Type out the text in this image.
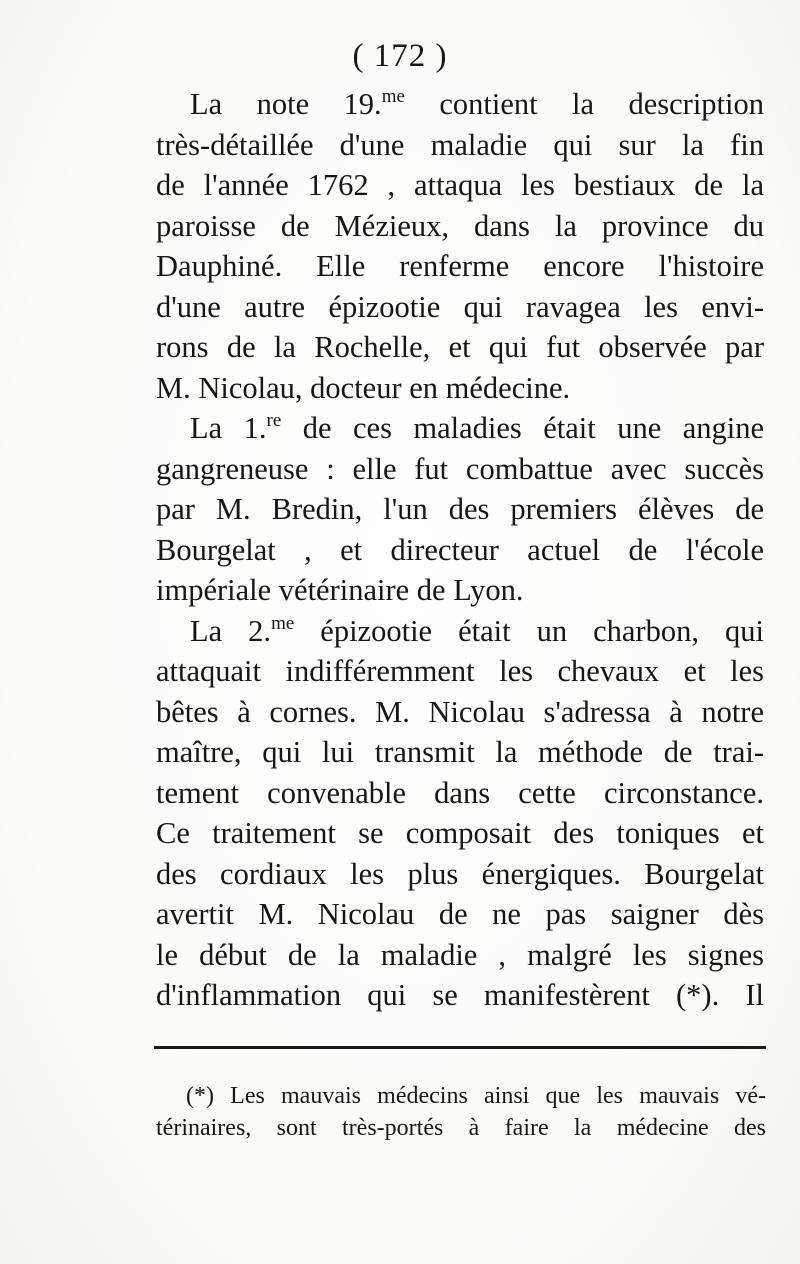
( 172 )
La note 19.$^{me}$ contient la description
très-détaillée d'une maladie qui sur la fin
de l'année 1762 , attaqua les bestiaux de la
paroisse de Mézieux, dans la province du
Dauphiné. Elle renferme encore l'histoire
d'une autre épizootie qui ravagea les envi-
rons de la Rochelle, et qui fut observée par
M. Nicolau, docteur en médecine.
La 1.$^{re}$ de ces maladies était une angine
gangreneuse : elle fut combattue avec succès
par M. Bredin, l'un des premiers élèves de
Bourgelat , et directeur actuel de l'école
impériale vétérinaire de Lyon.
La 2.$^{me}$ épizootie était un charbon, qui
attaquait indifféremment les chevaux et les
bêtes à cornes. M. Nicolau s'adressa à notre
maître, qui lui transmit la méthode de trai-
tement convenable dans cette circonstance.
Ce traitement se composait des toniques et
des cordiaux les plus énergiques. Bourgelat
avertit M. Nicolau de ne pas saigner dès
le début de la maladie , malgré les signes
d'inflammation qui se manifestèrent (*). Il
(*) Les mauvais médecins ainsi que les mauvais vé-
térinaires, sont très-portés à faire la médecine des
